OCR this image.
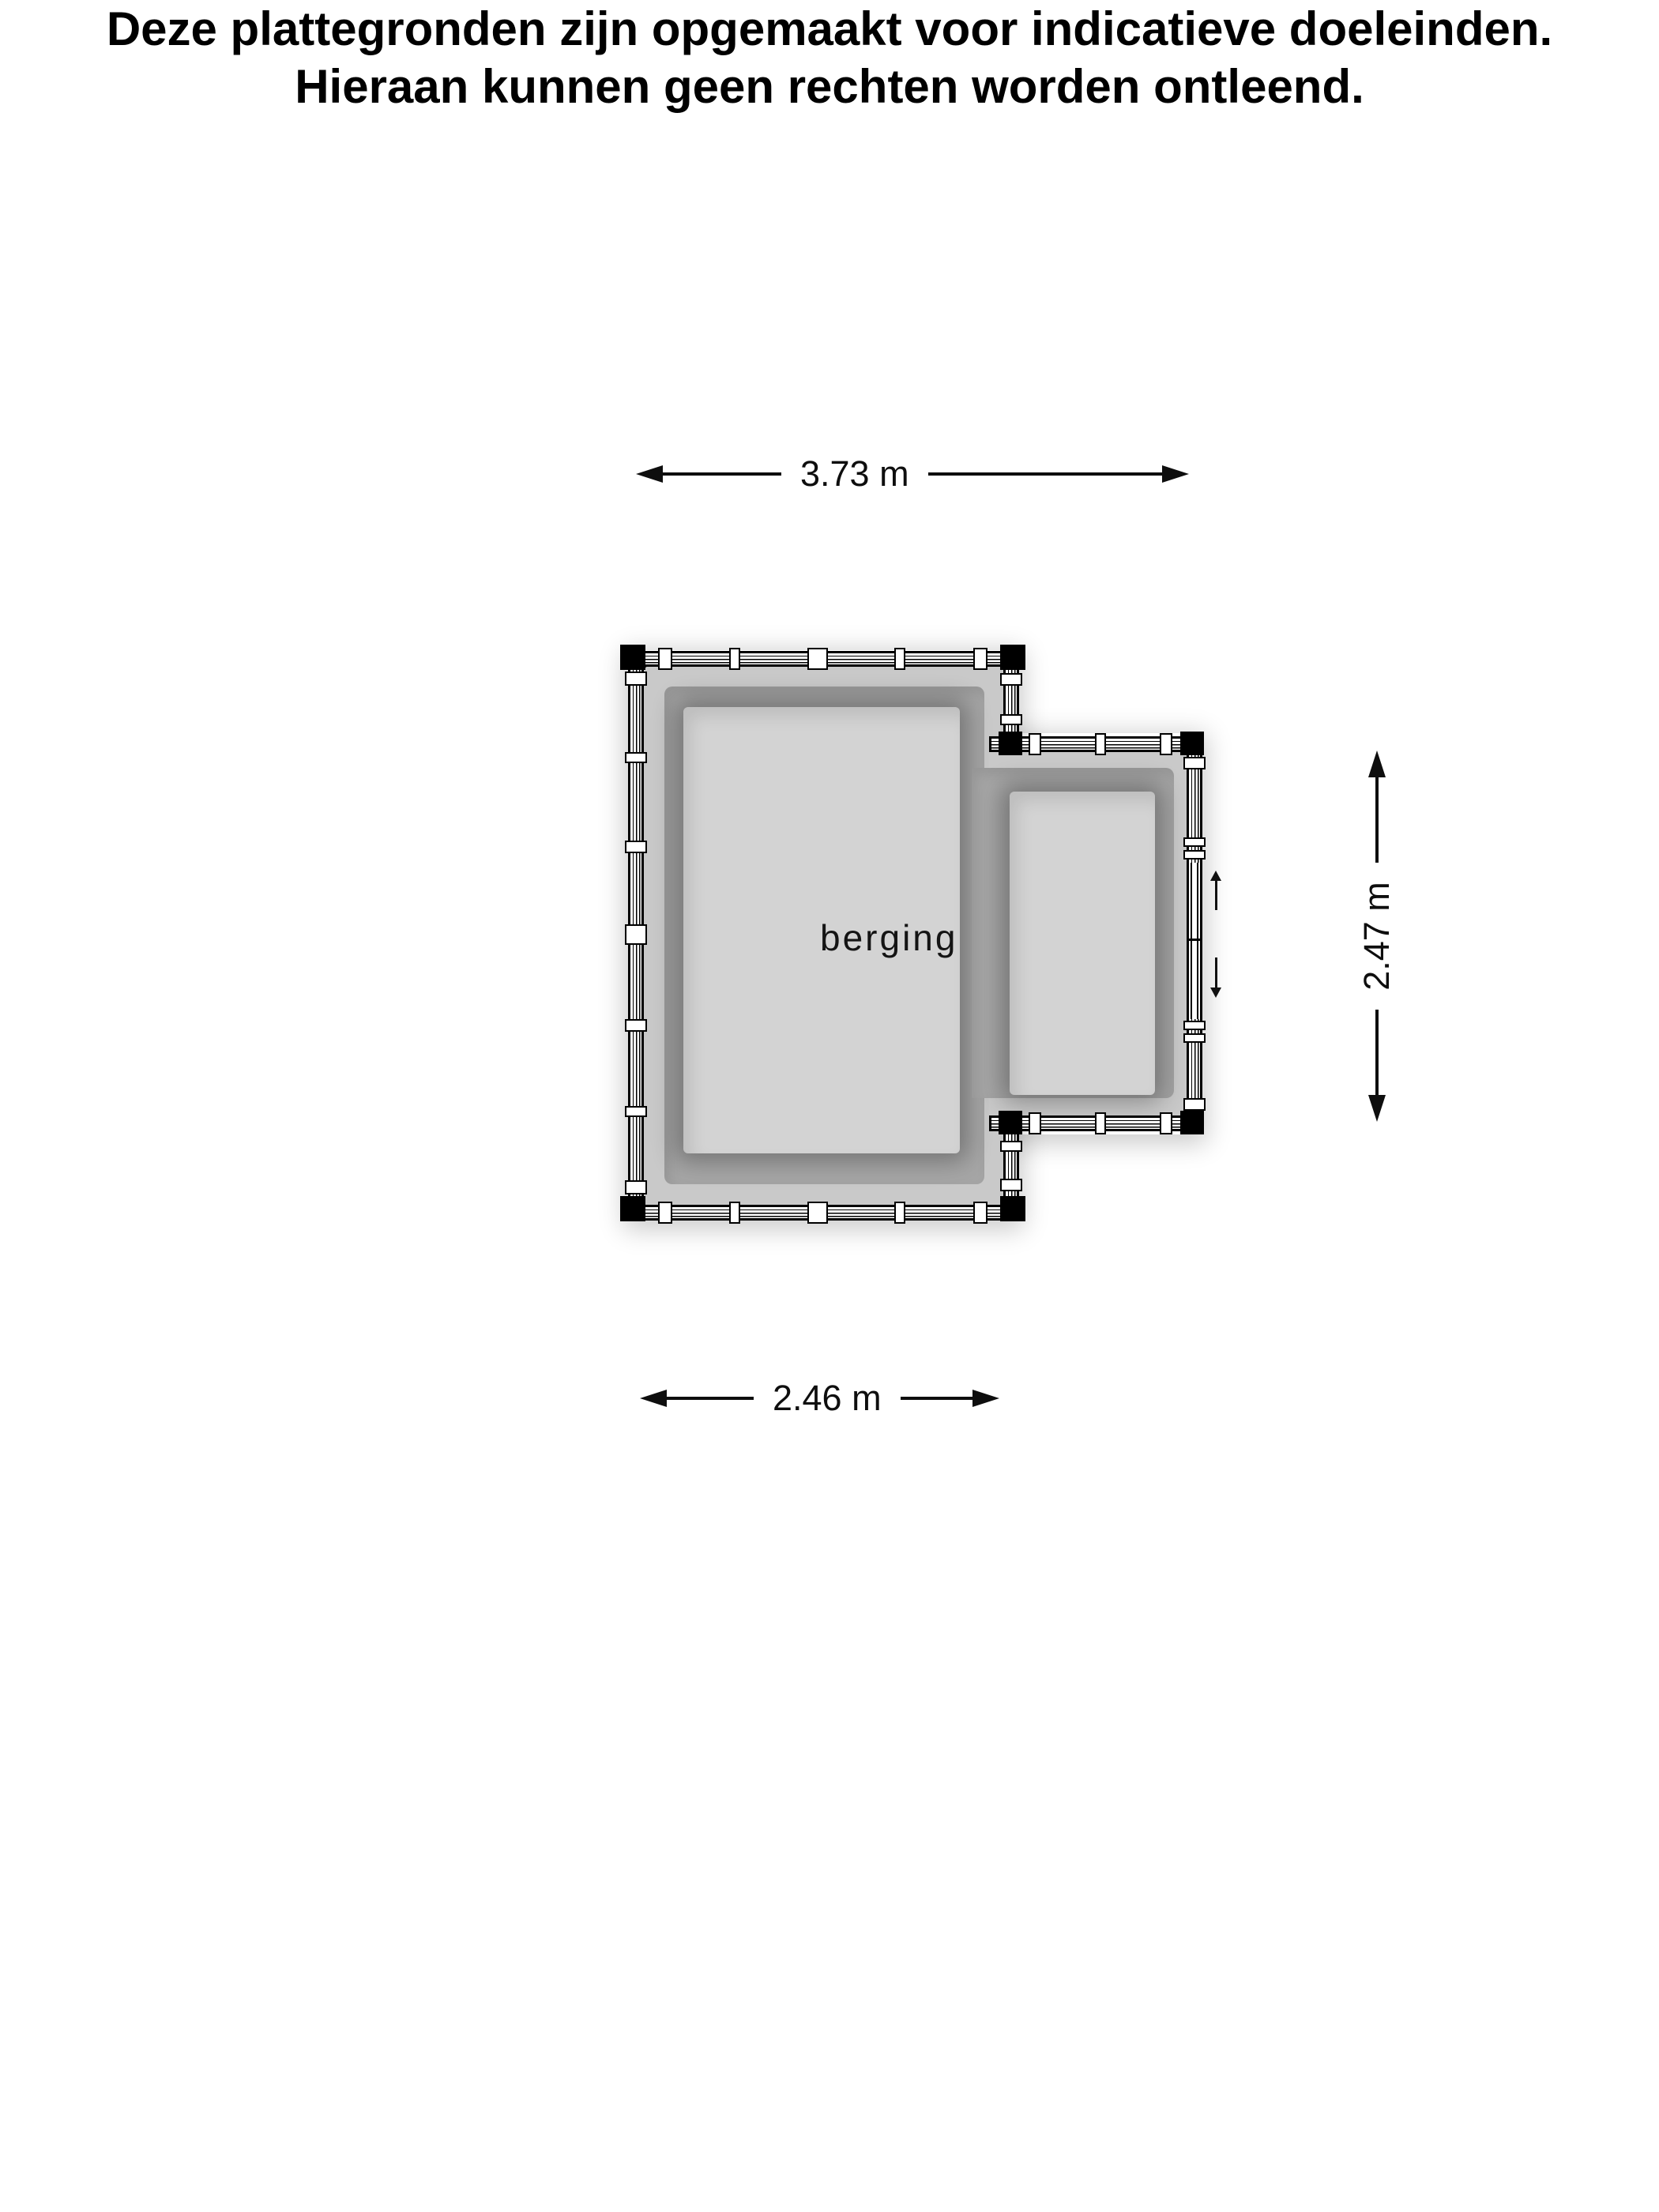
3.73 m
2.47 m
2.46 m
berging
Deze plattegronden zijn opgemaakt voor indicatieve doeleinden.
Hieraan kunnen geen rechten worden ontleend.
